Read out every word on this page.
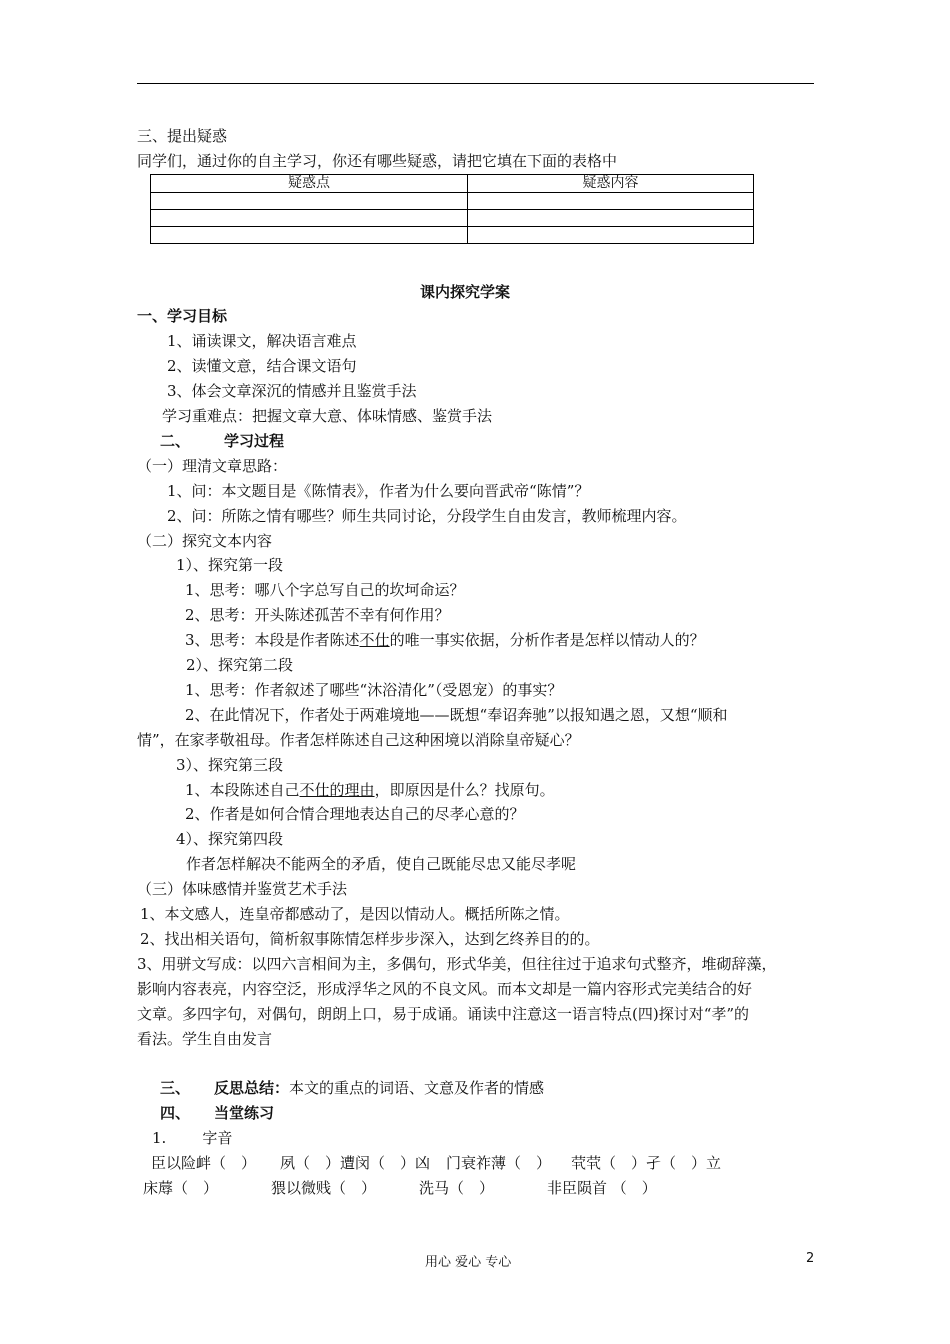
三、提出疑惑
同学们，通过你的自主学习，你还有哪些疑惑，请把它填在下面的表格中
疑惑点	疑惑内容

课内探究学案
一、学习目标
1、诵读课文，解决语言难点
2、读懂文意，结合课文语句
3、体会文章深沉的情感并且鉴赏手法
学习重难点：把握文章大意、体味情感、鉴赏手法
二、 学习过程
（一）理清文章思路：
1、问：本文题目是《陈情表》，作者为什么要向晋武帝“陈情”？
2、问：所陈之情有哪些？师生共同讨论，分段学生自由发言，教师梳理内容。
（二）探究文本内容
1）、探究第一段
1、思考：哪八个字总写自己的坎坷命运？
2、思考：开头陈述孤苦不幸有何作用？
3、思考：本段是作者陈述不仕的唯一事实依据，分析作者是怎样以情动人的？
2）、探究第二段
1、思考：作者叙述了哪些“沐浴清化”（受恩宠）的事实？
2、在此情况下，作者处于两难境地——既想“奉诏奔驰”以报知遇之恩，又想“顺和
情”，在家孝敬祖母。作者怎样陈述自己这种困境以消除皇帝疑心？
3）、探究第三段
1、本段陈述自己不仕的理由，即原因是什么？找原句。
2、作者是如何合情合理地表达自己的尽孝心意的？
4）、探究第四段
作者怎样解决不能两全的矛盾，使自己既能尽忠又能尽孝呢
（三）体味感情并鉴赏艺术手法
1、本文感人，连皇帝都感动了，是因以情动人。概括所陈之情。
2、找出相关语句，简析叙事陈情怎样步步深入，达到乞终养目的的。
3、用骈文写成：以四六言相间为主，多偶句，形式华美，但往往过于追求句式整齐，堆砌辞藻，
影响内容表亮，内容空泛，形成浮华之风的不良文风。而本文却是一篇内容形式完美结合的好
文章。多四字句，对偶句，朗朗上口，易于成诵。诵读中注意这一语言特点(四)探讨对“孝”的
看法。学生自由发言
三、 反思总结：本文的重点的词语、文意及作者的情感
四、 当堂练习
1. 字音
臣以险衅（　） 夙（　）遭闵（　）凶 门衰祚薄（　） 茕茕（　）孑（　）立
床蓐（　）	猥以微贱（　）	洗马（　）	非臣陨首 （　）
用心 爱心 专心	2
